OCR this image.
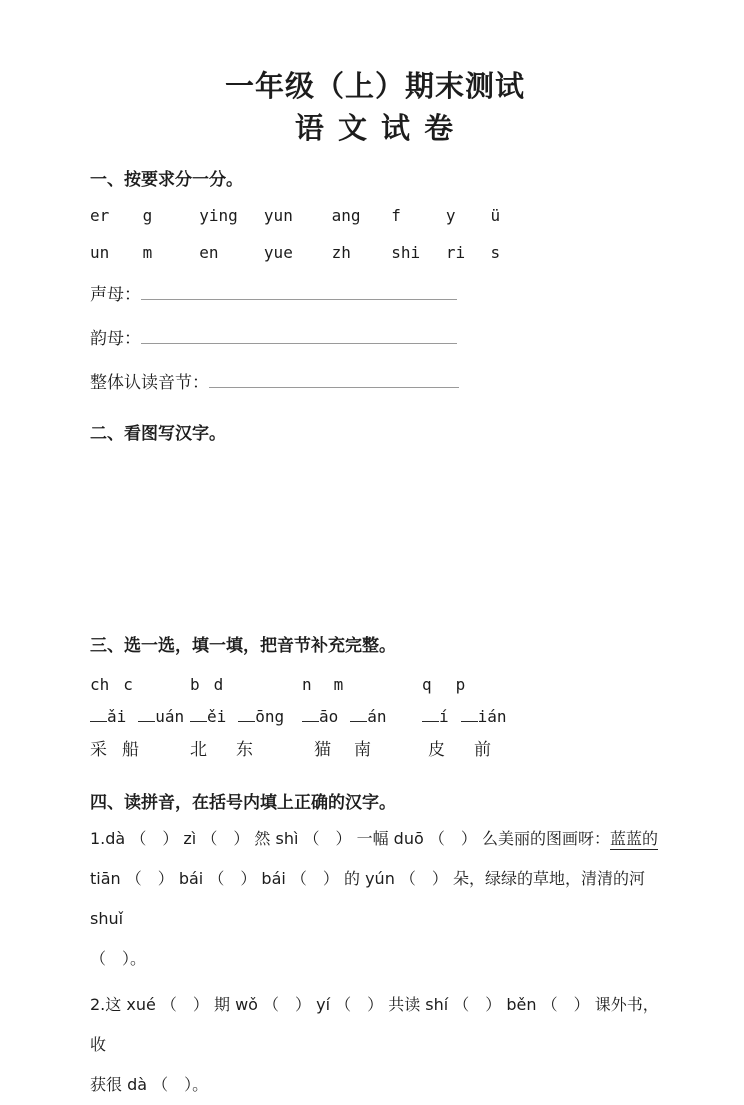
一年级（上）期末测试
语 文 试 卷
一、按要求分一分。
er g	ying yun ang f	y ü
un m	en	yue zh	shi ri s
声母：
韵母：
整体认读音节：
二、看图写汉字。
三、选一选，填一填，把音节补充完整。
ch c	b d	n m	q p
ǎi uán	ěi ōng	āo án	í ián
采 船	北 东	猫 南	皮 前
四、读拼音，在括号内填上正确的汉字。
1.dà （　） zì （　） 然 shì （　） 一幅 duō （　） 么美丽的图画呀：蓝蓝的
tiān （　） bái （　） bái （　） 的 yún （　） 朵，绿绿的草地，清清的河 shuǐ
（　）。
2.这 xué （　） 期 wǒ （　） yí （　） 共读 shí （　） běn （　） 课外书，收
获很 dà （　）。
